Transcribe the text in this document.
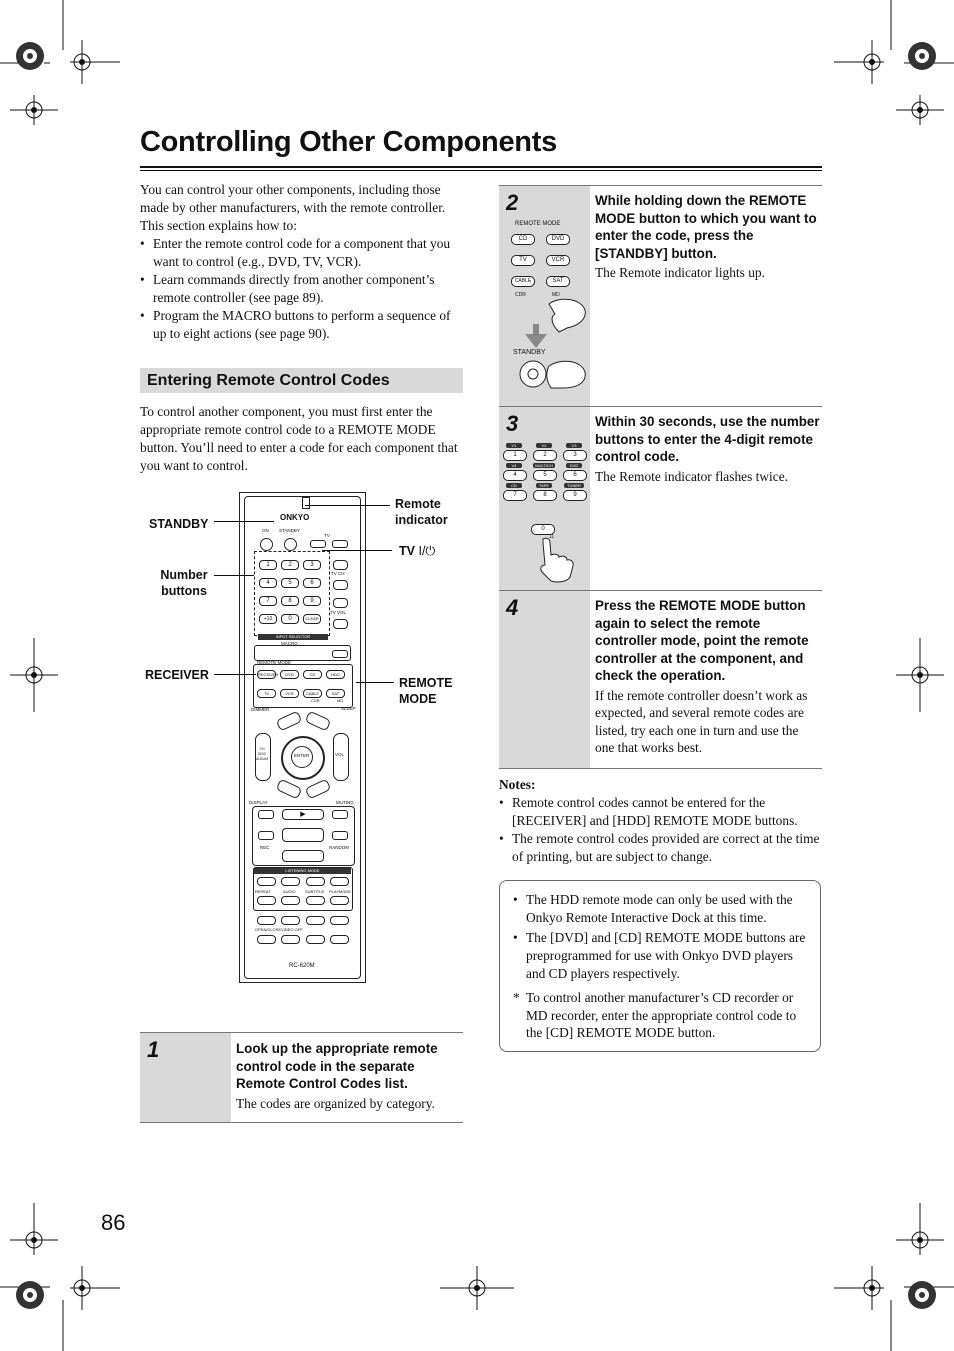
Controlling Other Components

You can control your other components, including those made by other manufacturers, with the remote controller. This section explains how to:

• Enter the remote control code for a component that you want to control (e.g., DVD, TV, VCR).
• Learn commands directly from another component’s remote controller (see page 89).
• Program the MACRO buttons to perform a sequence of up to eight actions (see page 90).
Entering Remote Control Codes

To control another component, you must first enter the appropriate remote control code to a REMOTE MODE button. You’ll need to enter a code for each component that you want to control.

STANDBY
Remote indicator
TV I/⏻
Number buttons
RECEIVER
REMOTE MODE
ONKYO
ON STANDBY
TV
1	2	3
4	5	6
7	8	9
+10	0	CLEAR
TV CH
TV VOL
INPUT SELECTOR
MACRO
REMOTE MODE
RECEIVER	DVD	CD	HDD
TV	VCR	CABLE	SAT
CDR	MD
DIMMER	SLEEP
CH DISC ALBUM
VOL
ENTER
DISPLAY	MUTING
▶
REC	RANDOM
LISTENING MODE
REPEAT	AUDIO SUBTITLE PLAYMODE
OPEN/CLOSE VIDEO OFF
RC-620M
1	Look up the appropriate remote control code in the separate Remote Control Codes list.
The codes are organized by category.
2
REMOTE MODE
CD	DVD
TV	VCR
CABLE	SAT
CDR	MD
STANDBY
While holding down the REMOTE MODE button to which you want to enter the code, press the [STANDBY] button.
The Remote indicator lights up.
3
V1	V2	V3
1	2	3
V4	MULTICH	DVD
4	5	6
CD	TAPE	TUNER
7	8	9
0
11
Within 30 seconds, use the number buttons to enter the 4-digit remote control code.
The Remote indicator flashes twice.
4	Press the REMOTE MODE button again to select the remote controller mode, point the remote controller at the component, and check the operation.
If the remote controller doesn’t work as expected, and several remote codes are listed, try each one in turn and use the one that works best.
Notes:
• Remote control codes cannot be entered for the [RECEIVER] and [HDD] REMOTE MODE buttons.
• The remote control codes provided are correct at the time of printing, but are subject to change.
• The HDD remote mode can only be used with the Onkyo Remote Interactive Dock at this time.
• The [DVD] and [CD] REMOTE MODE buttons are preprogrammed for use with Onkyo DVD players and CD players respectively.
* To control another manufacturer’s CD recorder or MD recorder, enter the appropriate control code to the [CD] REMOTE MODE button.
86
